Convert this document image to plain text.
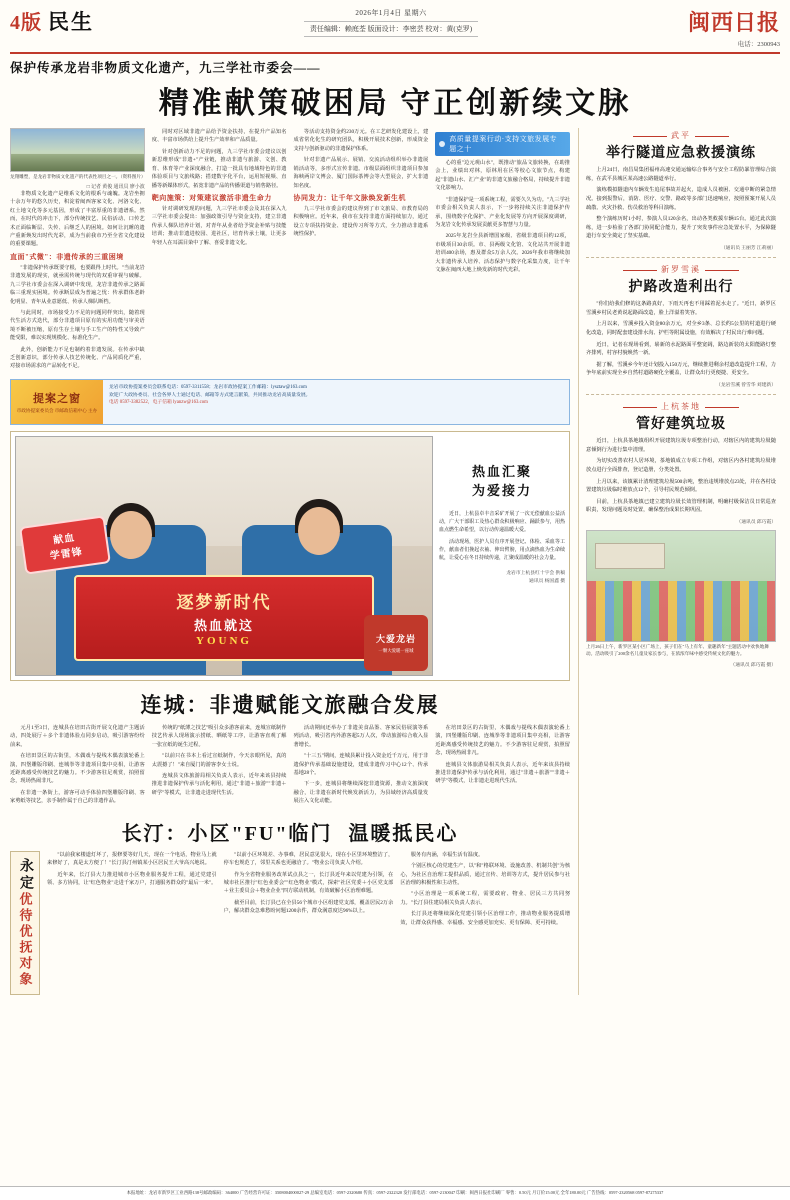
4版 民生	2026年1月4日 星期六
责任编辑：赖庭荃 版面设计：李密芸 校对：黄(克罗)	闽西日报
电话：2300943
保护传承龙岩非物质文化遗产，九三学社市委会——
精准献策破困局 守正创新续文脉
龙翔雕塑，是龙岩非物质文化遗产的代表性项目之一。（资料图片）
□ 记者 黄俊 通讯员 廖小波

非物质文化遗产是维系文化的根系与魂魄。龙岩坐拥十余万年的悠久历史，积淀着闽西客家文化、河洛文化、红土地文化等多元基因，形成了丰富厚重的非遗谱系。然而，在时代的冲击下，部分传统技艺、民俗活动、口传艺术正面临断层、失传、后继乏人的困境。如何让沉睡的遗产重新焕发出时代光彩，成为当前我市乃至全省文化建设的重要课题。

直面"式微"：非遗传承的三重困境

"非遗保护传承既要守根，也要跟得上时代。"当前龙岩非遗发展的现实，就亟需传统与现代的双重审视与破解。九三学社市委会在深入调研中发现，龙岩非遗传承之路面临三重现实困境。传承断层成为普遍之忧：传承群体老龄化明显、青年从业意愿低、传承人梯队断档。

与此同时，市场接受力不足的问题同样突出，随着现代生活方式迭代，部分非遗项目原有的实用功能与审美语境不断被压缩，原有生存土壤与手工生产的特性又导致产能受限，难以实现规模化、标准化生产。

此外，创新能力不足也制约着非遗发展。在传承中缺乏创新意识，部分传承人技艺传统化、产品同质化严重，对接市场需求的产品转化不足。

同时对区域非遗产品给予资金扶持，在提升产品知名度、丰富市场供给上提升生产效率和产品质量。

针对创新动力不足的问题，九三学社市委会建议以创新思维形成"非遗+"产业链，推动非遗与旅游、文创、教育、体育等产业深度融合，打造一批具有地域特色的非遗体验项目与文旅线路；搭建数字化平台，运用短视频、直播等新媒体形式，拓宽非遗产品的传播渠道与销售路径。

靶向施策：对策建议激活非遗生命力

针对调研发现的问题，九三学社市委会及其在深入九三学社市委会提出：加强政策引导与资金支持，建立非遗传承人梯队培养计划，对青年从业者给予资金补贴与技能培训；推动非遗进校园、进社区，培育传承土壤，让更多年轻人在耳濡目染中了解、喜爱非遗文化。

等活动支持资金约230万元。在工艺研发化建设上，建成省常化化生的研究团队，积极开展技术创新，形成资金支持与创新驱动的非遗保护体系。

针对非遗产品展示、展销、交流活动组织举办非遗展销活动等，多形式宣传非遗。市级层面组织非遗项目参加海峡两岸文博会、厦门国际茶博会等大型展会，扩大非遗知名度。

协同发力：让千年文脉焕发新生机

九三学社市委会的建议得到了市文旅局、市教育局的积极响应。近年来，我市在支持非遗方面持续加力，通过设立专项扶持资金、建设传习所等方式，全力推动非遗系统性保护。

高质量提案行动·支持文旅发展专题之十

心的重"边元观山水"，既推动"旅品文旅转换，在助推会上，业绩出对林，原林用在区等校心文旅节点，构建起"非遗山水、汇产业"的非遗文旅融合格局，持续提升非遗文化影响力。

"非遗保护是一项系统工程，需要久久为功。"九三学社市委会相关负责人表示，下一步将持续关注非遗保护传承，围绕数字化保护、产业化发展等方向开展深度调研，为龙岩文化传承发展贡献更多智慧与力量。

2025年龙岩全县新增国家级、省级非遗项目约12项，市级项目30余项。市、县两级文化馆、文化站共开展非遗培训400余场，惠及群众5万余人次。2026年我市将继续加大非遗传承人培养、活态保护与数字化采集力度，让千年文脉在闽西大地上焕发新的时代光彩。

提案之窗
市政协提案委员会 市邮政信箱中心 主办
龙岩市政协提案委员会联系电话：0597-3311558；龙岩市政协提案工作邮箱：lysztaw@163.com
欢迎广大政协委员、社会各界人士通过电话、邮箱等方式建言献策，共同推动龙岩高质量发展。
电话 0597-3382522，电子信箱 lyanzw@163.com
献血
学雷锋
逐梦新时代
热血就这
YOUNG	大爱龙岩
一颗大爱暖一座城
热血汇聚
为爱接力

近日，上杭县卓丰音采矿开展了一次无偿献血公益活动，广大干部职工及热心群众积极响应、踊跃参与，用热血点燃生命希望，以行动传递温暖大爱。

活动现场，医护人员有序开展登记、体检、采血等工作，献血者们挽起衣袖、伸出臂膀，用点滴热血为生命续航，让爱心在冬日持续传递，汇聚成温暖的社会力量。

龙岩市上杭县红十字会 供稿
通讯员 杨国鑫 摄
连城：非遗赋能文旅融合发展

元月1至3日，连城县在培田古街开展文化遗产主题活动，四处展厅＋多个非遗体验点同步启动，吸引游客纷纷前来。

在培田景区的古街里，木偶戏与提线木偶表演轮番上演，四堡雕版印刷、连城拳等非遗项目集中亮相，让游客近距离感受传统技艺的魅力。不少游客驻足观赏，拍照留念，现场热闹非凡。

在非遗一条街上，游客可动手体验四堡雕版印刷、客家剪纸等技艺，亲手制作属于自己的非遗作品。

传统的"纸薄之技艺"吸引众多游客前来，连城宣纸制作技艺传承人现场演示捞纸、晒纸等工序，让游客直观了解一张宣纸的诞生过程。

"以前只在书本上看过宣纸制作，今天亲眼所见，真的太震撼了！"来自厦门的游客李女士说。

连城县文体旅游局相关负责人表示，近年来该县持续推进非遗保护传承与活化利用，通过"非遗＋旅游""非遗＋研学"等模式，让非遗走进现代生活。

活动期间还举办了非遗美食品鉴、客家民俗展演等系列活动，吸引省内外游客超5万人次，带动旅游综合收入显著增长。

"十三五"期间，连城县累计投入资金近千万元，用于非遗保护传承基础设施建设，建成非遗传习中心12个、传承基地28个。

下一步，连城县将继续深挖非遗资源，推动文旅深度融合，让非遗在新时代焕发新活力，为县域经济高质量发展注入文化动能。

在培田景区的古街里，木偶戏与提线木偶表演轮番上演，四堡雕版印刷、连城拳等非遗项目集中亮相，让游客近距离感受传统技艺的魅力。不少游客驻足观赏，拍照留念，现场热闹非凡。

连城县文体旅游局相关负责人表示，近年来该县持续推进非遗保护传承与活化利用，通过"非遗＋旅游""非遗＋研学"等模式，让非遗走进现代生活。

长汀：小区"FU"临门 温暖抵民心
永定
优待优抚对象

"以前我家楼道灯坏了，报修要等好几天，现在一个电话，物业马上就来修好了，真是太方便了！"长汀县汀州镇某小区居民王大爷高兴地说。

近年来，长汀县大力推进城市小区物业服务提升工程，通过党建引领、多方协同，让"红色物业"走进千家万户，打通服务群众的"最后一米"。

"以前小区环境差、办事难，居民意见很大，现在小区里环境整洁了，停车也规范了，邻里关系也更融洽了。"物业公司负责人介绍。

作为全省物业服务改革试点县之一，长汀县近年来以党建为引领，在城市社区推行"红色业委会""红色物业"模式，探索"社区党委＋小区党支部＋业主委员会＋物业企业"四方联动机制，有效破解小区治理难题。

截至目前，长汀县已在全县56个城市小区组建党支部，覆盖居民2万余户，解决群众急难愁盼问题1200余件，群众满意度达96%以上。

服务有内涵，幸福生活有温度。

个别区核心的党建生产，以"和"格联环境、设施改善、机制共创"为核心，为社区自治理工提供品质，通过宣传、培训等方式，提升居民参与社区治理的积极性和主动性。

"小区治理是一项系统工程，需要政府、物业、居民三方共同努力。"长汀县住建局相关负责人表示。

长汀县还将继续深化党建引领小区治理工作，推动物业服务提质增效，让群众获得感、幸福感、安全感更加充实、更有保障、更可持续。

武平
举行隧道应急救援演练

上月24日，南昌局集团福州高速交通运输综合事务与安全工程防暴管理综合演练，在武平县城区某高速公路隧道举行。

演练模拟隧道内车辆发生追尾事故并起火，造成人员被困、交通中断的紧急情况。接到报警后，消防、医疗、交警、路政等多部门迅速响应，按照预案开展人员疏散、火灾扑救、伤员救治等科目演练。

整个演练历时1小时，参演人员120余名，出动各类救援车辆15台。通过此次演练，进一步检验了各部门协同配合能力，提升了突发事件应急处置水平，为保障隧道行车安全奠定了坚实基础。

（通讯员 王丽芳 江莉丽）
新罗雪溪
护路改造利出行

"你们给我们修的这条路真好，下雨天再也不用踩着泥水走了。"近日，新罗区雪溪乡村民老黄说起路面改造，脸上洋溢着笑容。

上月以来，雪溪乡投入资金80余万元，对全乡3条、总长约5公里的村道进行硬化改造，同时配套建设排水沟、护栏等附属设施，有效解决了村民出行难问题。

近日，记者在现场看到，崭新的水泥路面平整宽阔，路边新装的太阳能路灯整齐排列，村容村貌焕然一新。

据了解，雪溪乡今年还计划投入150万元，继续推进剩余村道改造提升工程，力争年底前实现全乡自然村道路硬化全覆盖，让群众出行更便捷、更安全。

（龙岩雪溪 曾雪华 刘建新）
上杭茶地
管好建筑垃圾

近日，上杭县茶地镇组织开展建筑垃圾专项整治行动，对辖区内的建筑垃圾随意倾倒行为进行集中清理。

为切实改善农村人居环境，茶地镇成立专项工作组，对辖区内各村建筑垃圾堆放点进行全面排查，登记造册，分类处置。

上月以来，该镇累计清理建筑垃圾500余吨，整治违规堆放点23处，并在各村设置建筑垃圾临时堆放点12个，引导村民规范倾倒。

目前，上杭县茶地镇已建立建筑垃圾长效管理机制，明确村级保洁员日常巡查职责，发现问题及时处置，确保整治成果长期巩固。

（通讯员 邱巧霞）
上月26日上午，新罗区某小区广场上，孩子们在"马上有年、童趣新年"主题活动中欢快地舞动。活动吸引了200余名儿童及家长参与，在浓浓年味中感受传统文化的魅力。
（通讯员 邱巧霞 摄）
本报地址：龙岩市新罗区工业西路138号邮政编码：364000 广告经营许可证：3508004000027-29 总编室电话：0597-2320680 传真：0597-2322320 发行部电话：0597-2130047 印刷：闽西日报社印刷厂 零售：0.50元 月订价15.00元 全年180.00元 广告热线：0597-2320568 0597-87275337
